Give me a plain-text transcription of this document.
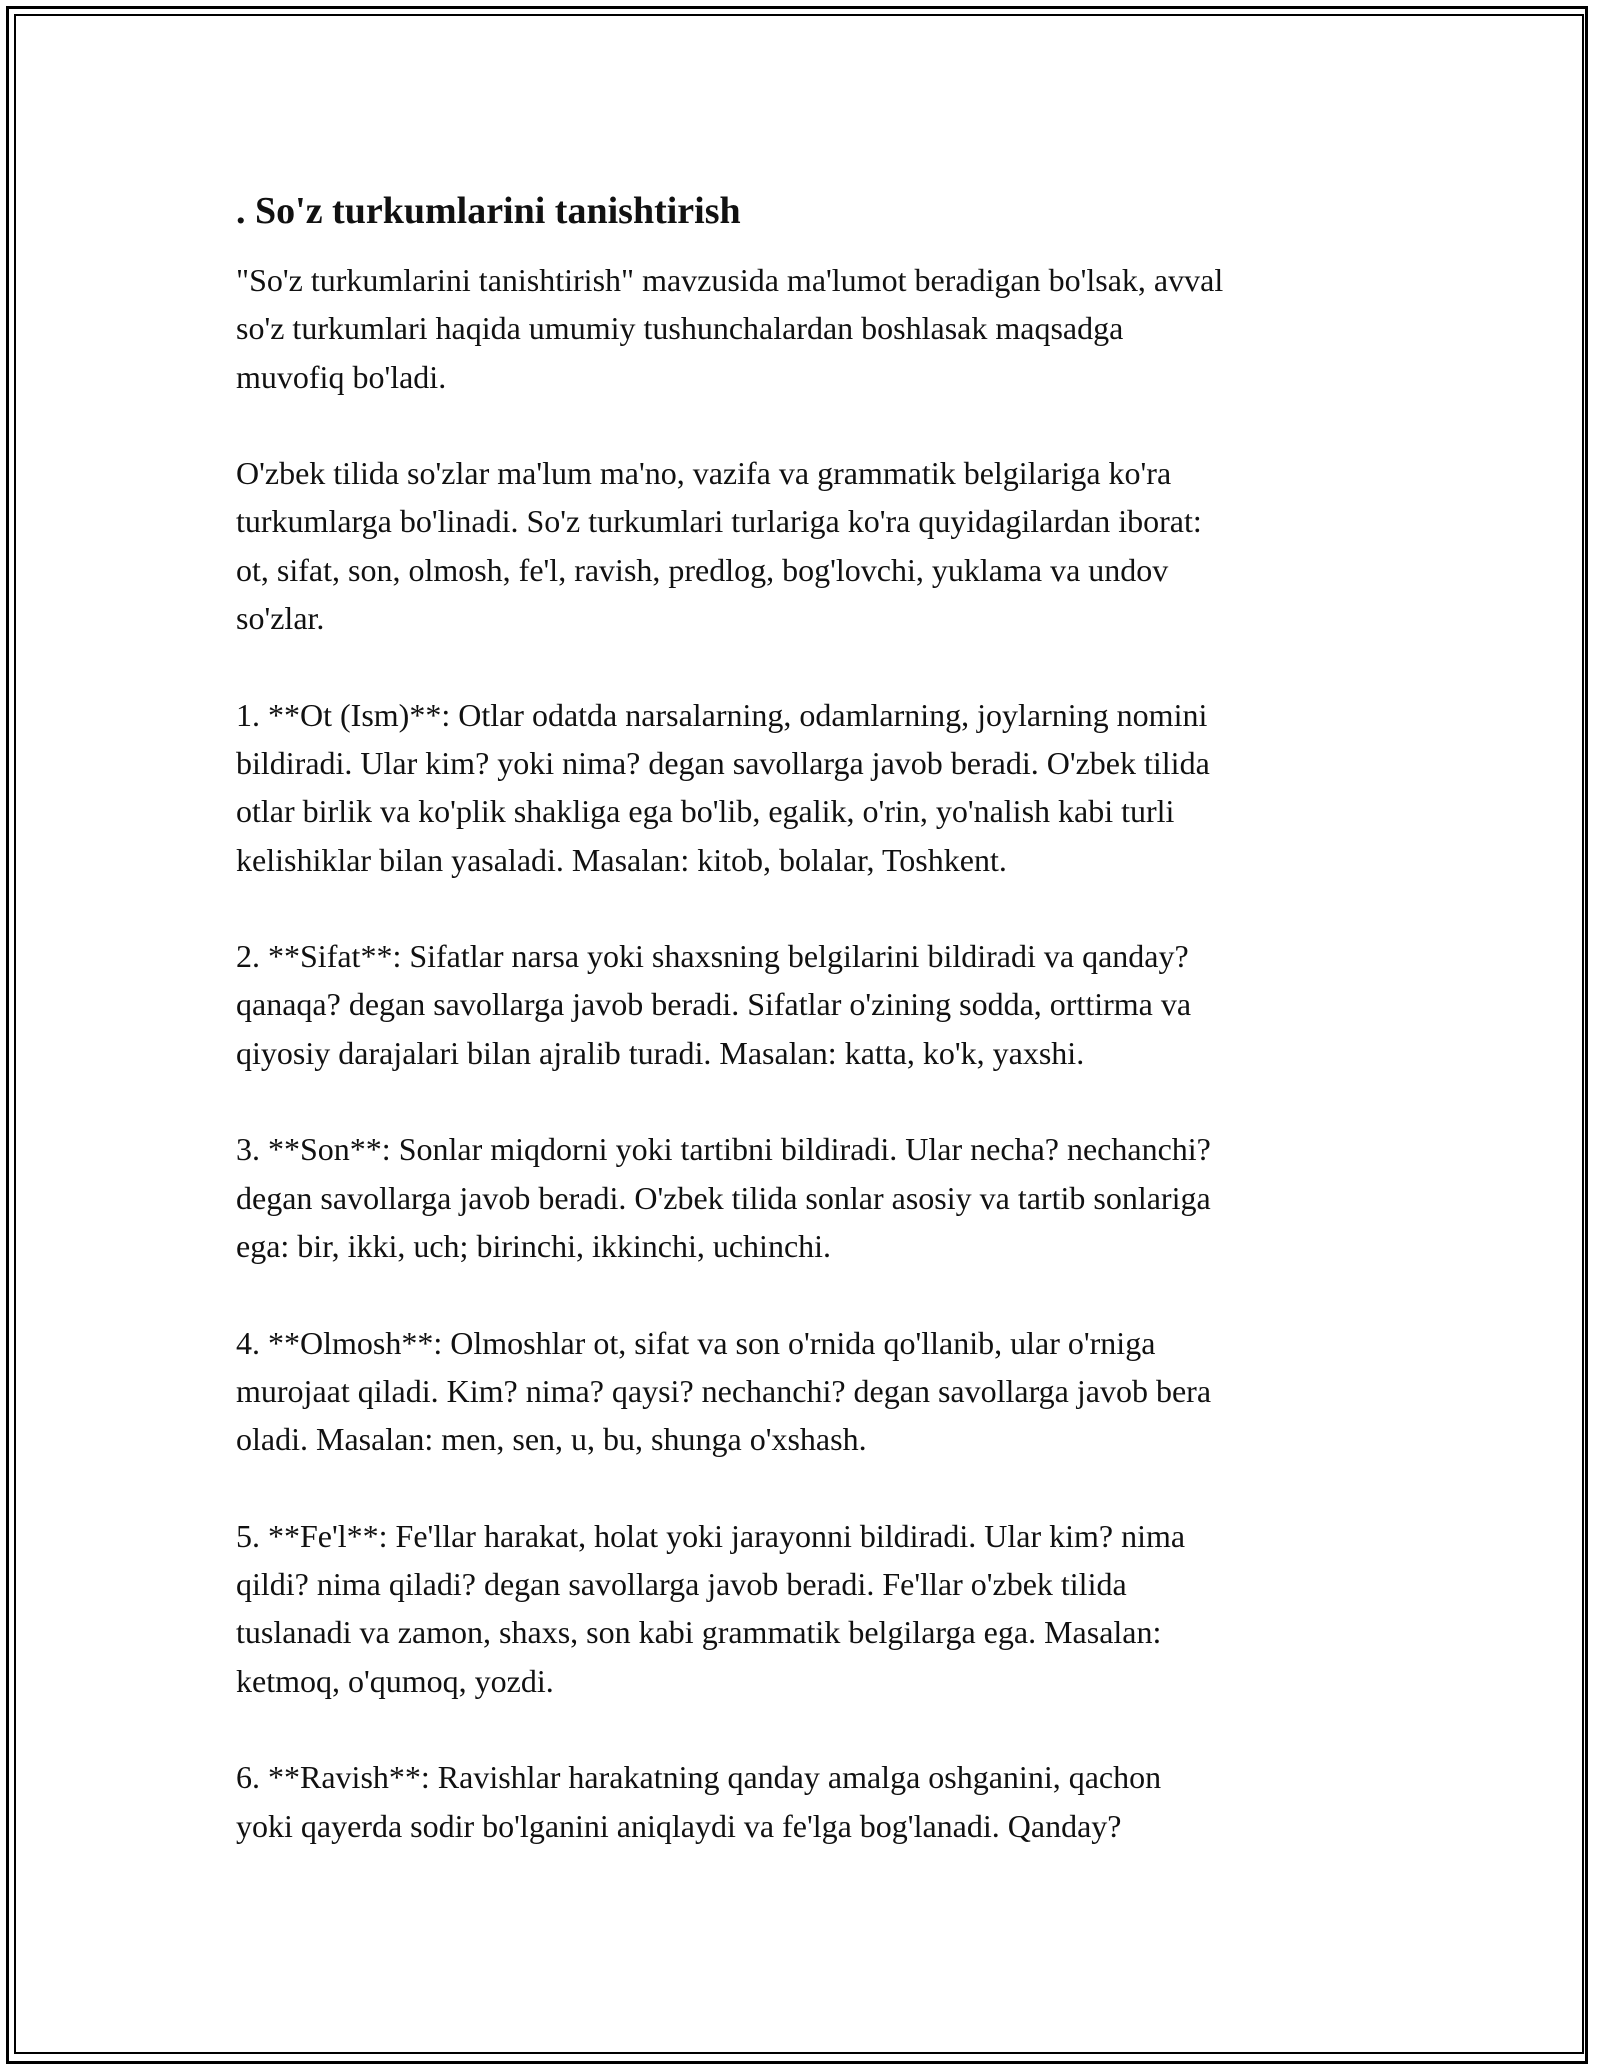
. So'z turkumlarini tanishtirish

"So'z turkumlarini tanishtirish" mavzusida ma'lumot beradigan bo'lsak, avval
so'z turkumlari haqida umumiy tushunchalardan boshlasak maqsadga
muvofiq bo'ladi.

O'zbek tilida so'zlar ma'lum ma'no, vazifa va grammatik belgilariga ko'ra
turkumlarga bo'linadi. So'z turkumlari turlariga ko'ra quyidagilardan iborat:
ot, sifat, son, olmosh, fe'l, ravish, predlog, bog'lovchi, yuklama va undov
so'zlar.

1. **Ot (Ism)**: Otlar odatda narsalarning, odamlarning, joylarning nomini
bildiradi. Ular kim? yoki nima? degan savollarga javob beradi. O'zbek tilida
otlar birlik va ko'plik shakliga ega bo'lib, egalik, o'rin, yo'nalish kabi turli
kelishiklar bilan yasaladi. Masalan: kitob, bolalar, Toshkent.

2. **Sifat**: Sifatlar narsa yoki shaxsning belgilarini bildiradi va qanday?
qanaqa? degan savollarga javob beradi. Sifatlar o'zining sodda, orttirma va
qiyosiy darajalari bilan ajralib turadi. Masalan: katta, ko'k, yaxshi.

3. **Son**: Sonlar miqdorni yoki tartibni bildiradi. Ular necha? nechanchi?
degan savollarga javob beradi. O'zbek tilida sonlar asosiy va tartib sonlariga
ega: bir, ikki, uch; birinchi, ikkinchi, uchinchi.

4. **Olmosh**: Olmoshlar ot, sifat va son o'rnida qo'llanib, ular o'rniga
murojaat qiladi. Kim? nima? qaysi? nechanchi? degan savollarga javob bera
oladi. Masalan: men, sen, u, bu, shunga o'xshash.

5. **Fe'l**: Fe'llar harakat, holat yoki jarayonni bildiradi. Ular kim? nima
qildi? nima qiladi? degan savollarga javob beradi. Fe'llar o'zbek tilida
tuslanadi va zamon, shaxs, son kabi grammatik belgilarga ega. Masalan:
ketmoq, o'qumoq, yozdi.

6. **Ravish**: Ravishlar harakatning qanday amalga oshganini, qachon
yoki qayerda sodir bo'lganini aniqlaydi va fe'lga bog'lanadi. Qanday?
